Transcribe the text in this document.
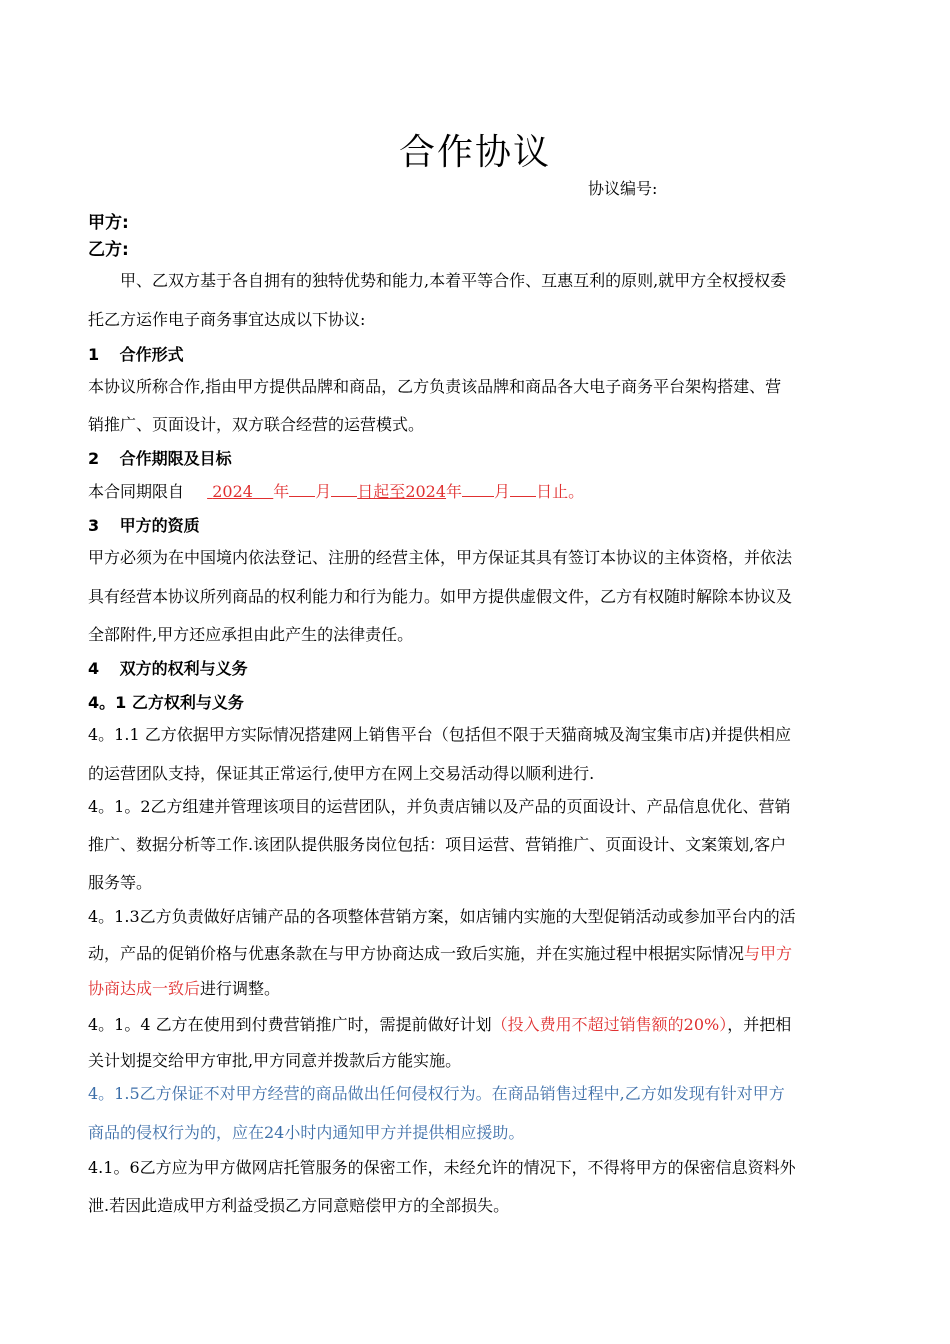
合作协议
协议编号:
甲方:
乙方:
甲、乙双方基于各自拥有的独特优势和能力,本着平等合作、互惠互利的原则,就甲方全权授权委
托乙方运作电子商务事宜达成以下协议:
1 合作形式
本协议所称合作,指由甲方提供品牌和商品，乙方负责该品牌和商品各大电子商务平台架构搭建、营
销推广、页面设计，双方联合经营的运营模式。
2 合作期限及目标
本合同期限自 2024 年 月 日起至2024年 月 日止。
3 甲方的资质
甲方必须为在中国境内依法登记、注册的经营主体，甲方保证其具有签订本协议的主体资格，并依法
具有经营本协议所列商品的权利能力和行为能力。如甲方提供虚假文件，乙方有权随时解除本协议及
全部附件,甲方还应承担由此产生的法律责任。
4 双方的权利与义务
4。1 乙方权利与义务
4。1.1 乙方依据甲方实际情况搭建网上销售平台（包括但不限于天猫商城及淘宝集市店)并提供相应
的运营团队支持，保证其正常运行,使甲方在网上交易活动得以顺利进行.
4。1。2乙方组建并管理该项目的运营团队，并负责店铺以及产品的页面设计、产品信息优化、营销
推广、数据分析等工作.该团队提供服务岗位包括：项目运营、营销推广、页面设计、文案策划,客户
服务等。
4。1.3乙方负责做好店铺产品的各项整体营销方案，如店铺内实施的大型促销活动或参加平台内的活
动，产品的促销价格与优惠条款在与甲方协商达成一致后实施，并在实施过程中根据实际情况与甲方
协商达成一致后进行调整。
4。1。4 乙方在使用到付费营销推广时，需提前做好计划（投入费用不超过销售额的20%），并把相
关计划提交给甲方审批,甲方同意并拨款后方能实施。
4。1.5乙方保证不对甲方经营的商品做出任何侵权行为。在商品销售过程中,乙方如发现有针对甲方
商品的侵权行为的，应在24小时内通知甲方并提供相应援助。
4.1。6乙方应为甲方做网店托管服务的保密工作，未经允许的情况下，不得将甲方的保密信息资料外
泄.若因此造成甲方利益受损乙方同意赔偿甲方的全部损失。
